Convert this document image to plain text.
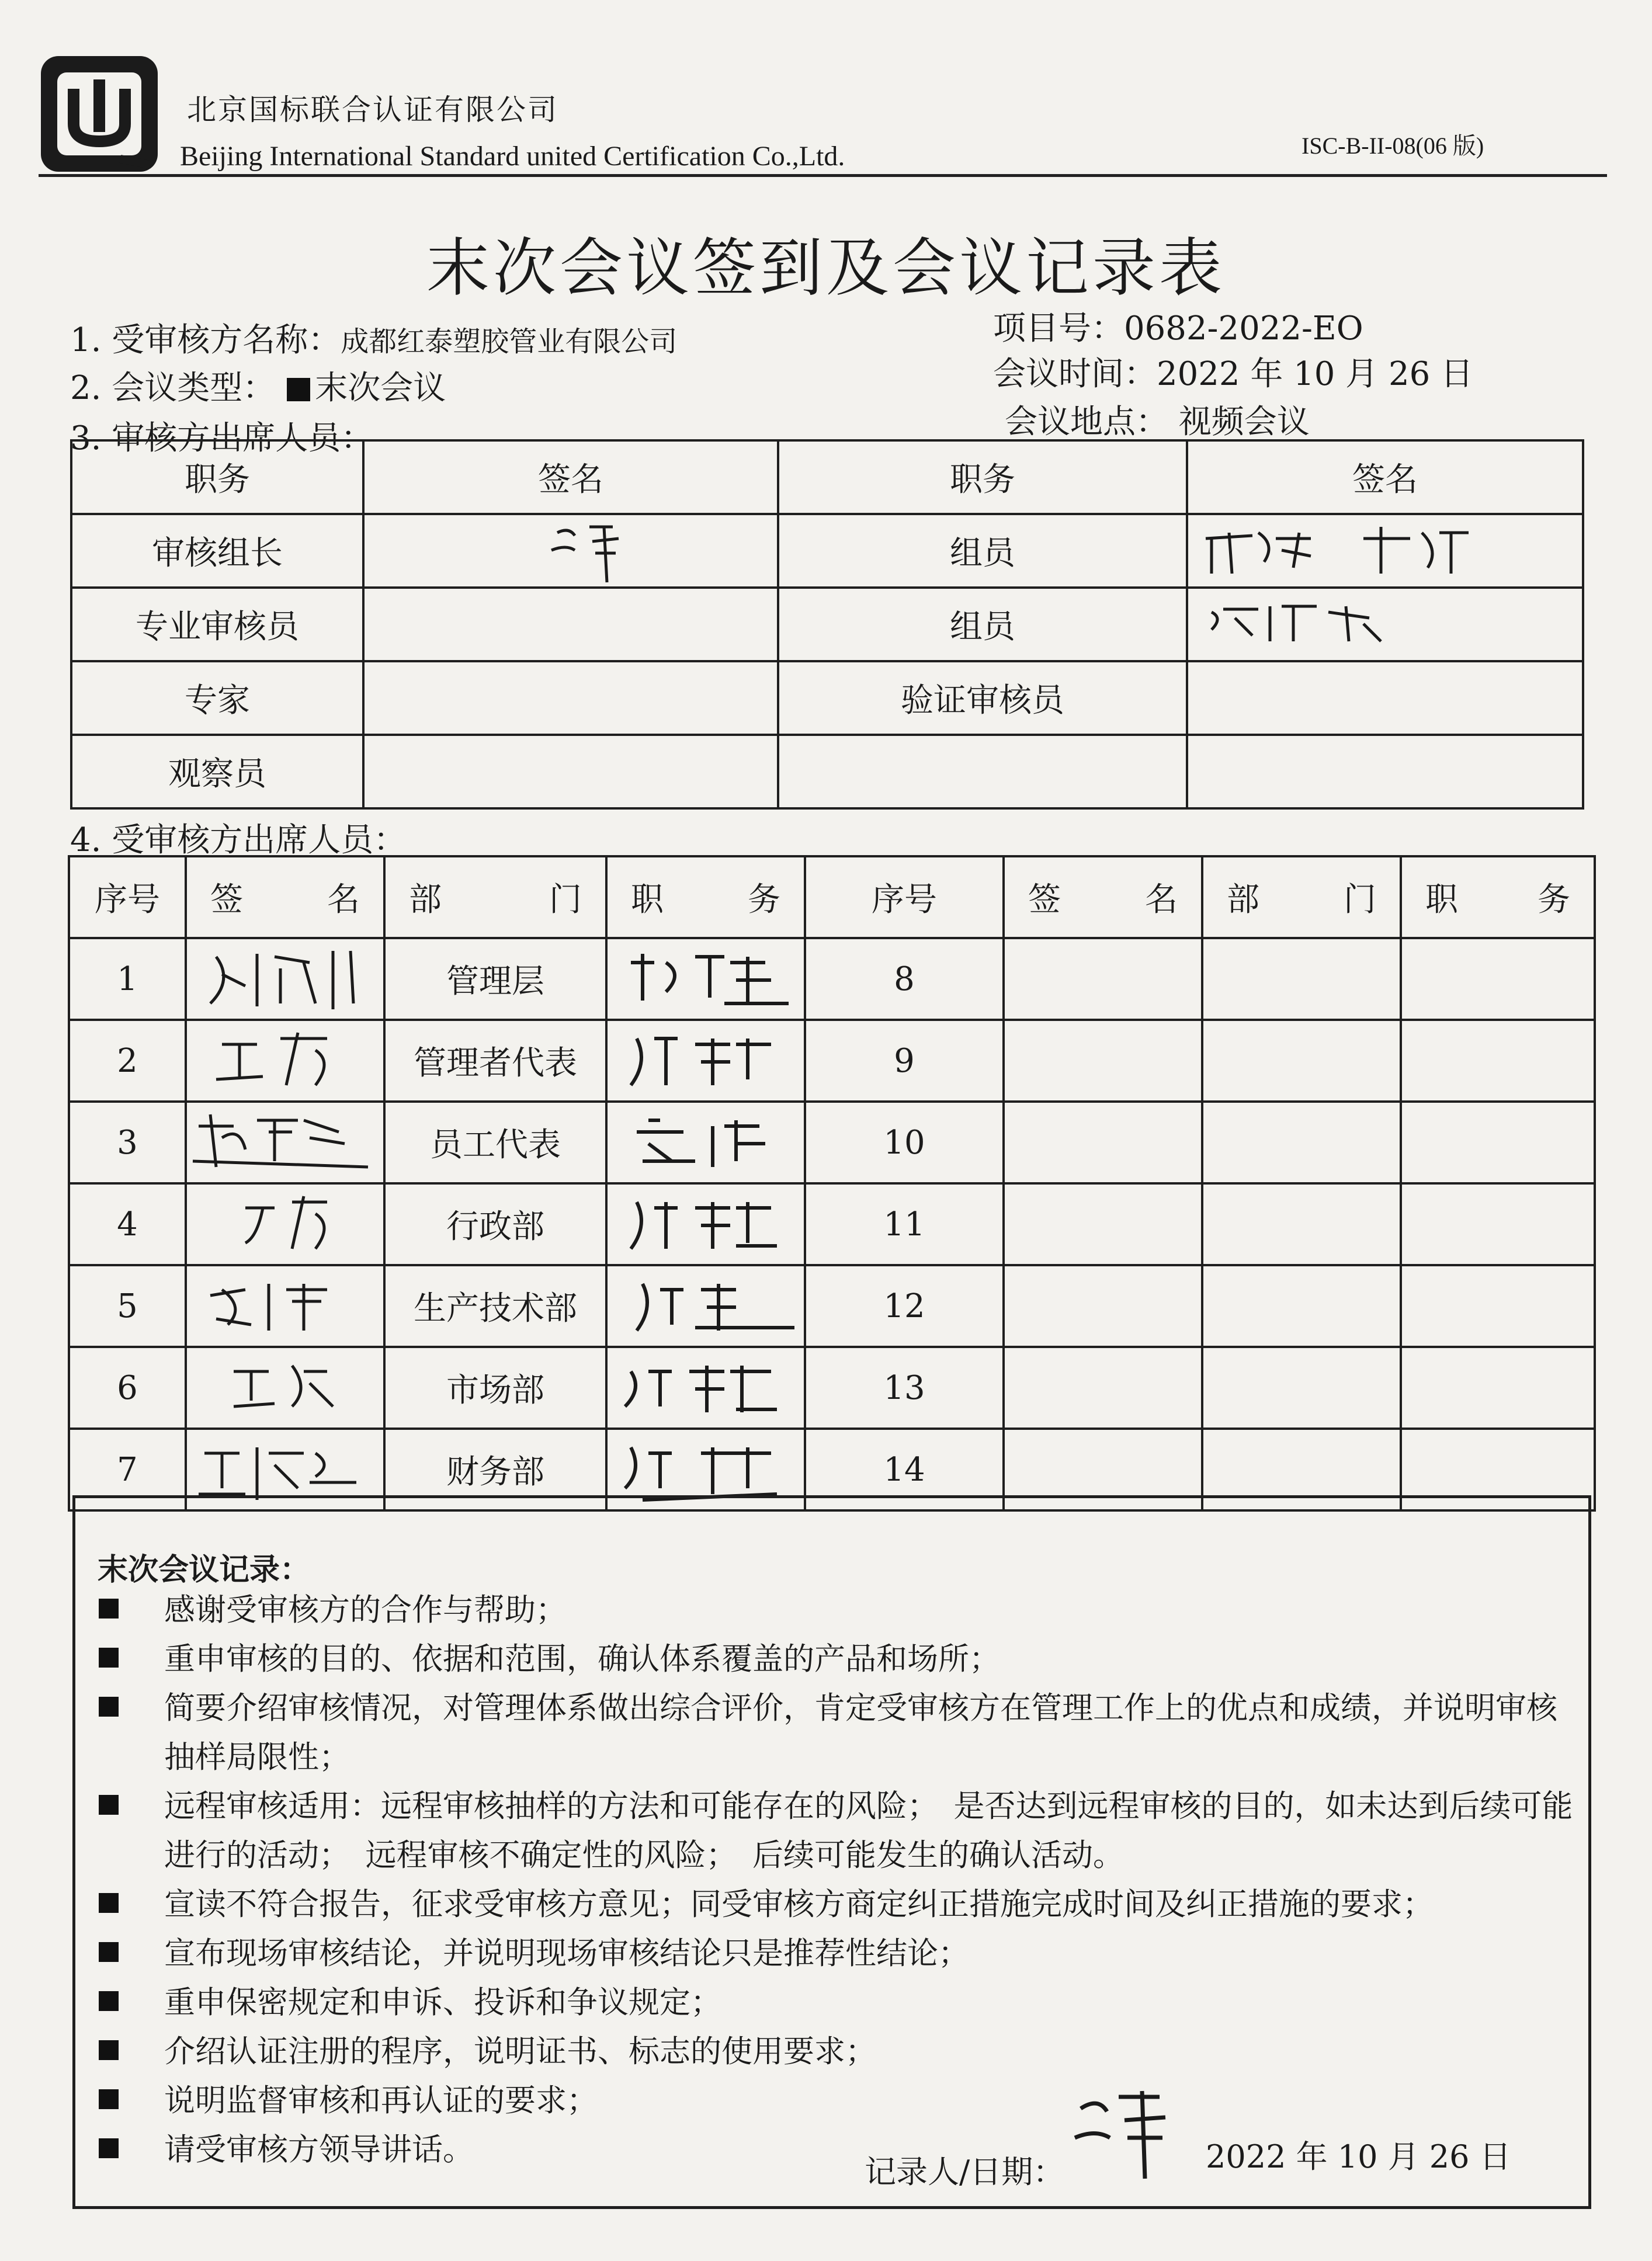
北京国标联合认证有限公司
Beijing International Standard united Certification Co.,Ltd.	ISC-B-II-08(06 版)
末次会议签到及会议记录表
1. 受审核方名称：成都红泰塑胶管业有限公司	项目号：0682-2022-EO
2. 会议类型： 末次会议	会议时间：2022 年 10 月 26 日
3. 审核方出席人员：	会议地点： 视频会议
职务	签名	职务	签名
审核组长		组员	

专业审核员		组员	

专家		验证审核员	
观察员			
4. 受审核方出席人员：
序号	签 名	部 门	职 务	序号	签 名	部 门	职 务

1		管理层		8			
2		管理者代表		9			
3		员工代表		10			
4		行政部		11			
5		生产技术部		12			
6		市场部		13			
7		财务部		14			
末次会议记录：
感谢受审核方的合作与帮助；
重申审核的目的、依据和范围，确认体系覆盖的产品和场所；
简要介绍审核情况，对管理体系做出综合评价，肯定受审核方在管理工作上的优点和成绩，并说明审核抽样局限性；
远程审核适用：远程审核抽样的方法和可能存在的风险；　是否达到远程审核的目的，如未达到后续可能进行的活动；　远程审核不确定性的风险；　后续可能发生的确认活动。
宣读不符合报告，征求受审核方意见；同受审核方商定纠正措施完成时间及纠正措施的要求；
宣布现场审核结论，并说明现场审核结论只是推荐性结论；
重申保密规定和申诉、投诉和争议规定；
介绍认证注册的程序，说明证书、标志的使用要求；
说明监督审核和再认证的要求；
请受审核方领导讲话。
记录人/日期：	2022 年 10 月 26 日
